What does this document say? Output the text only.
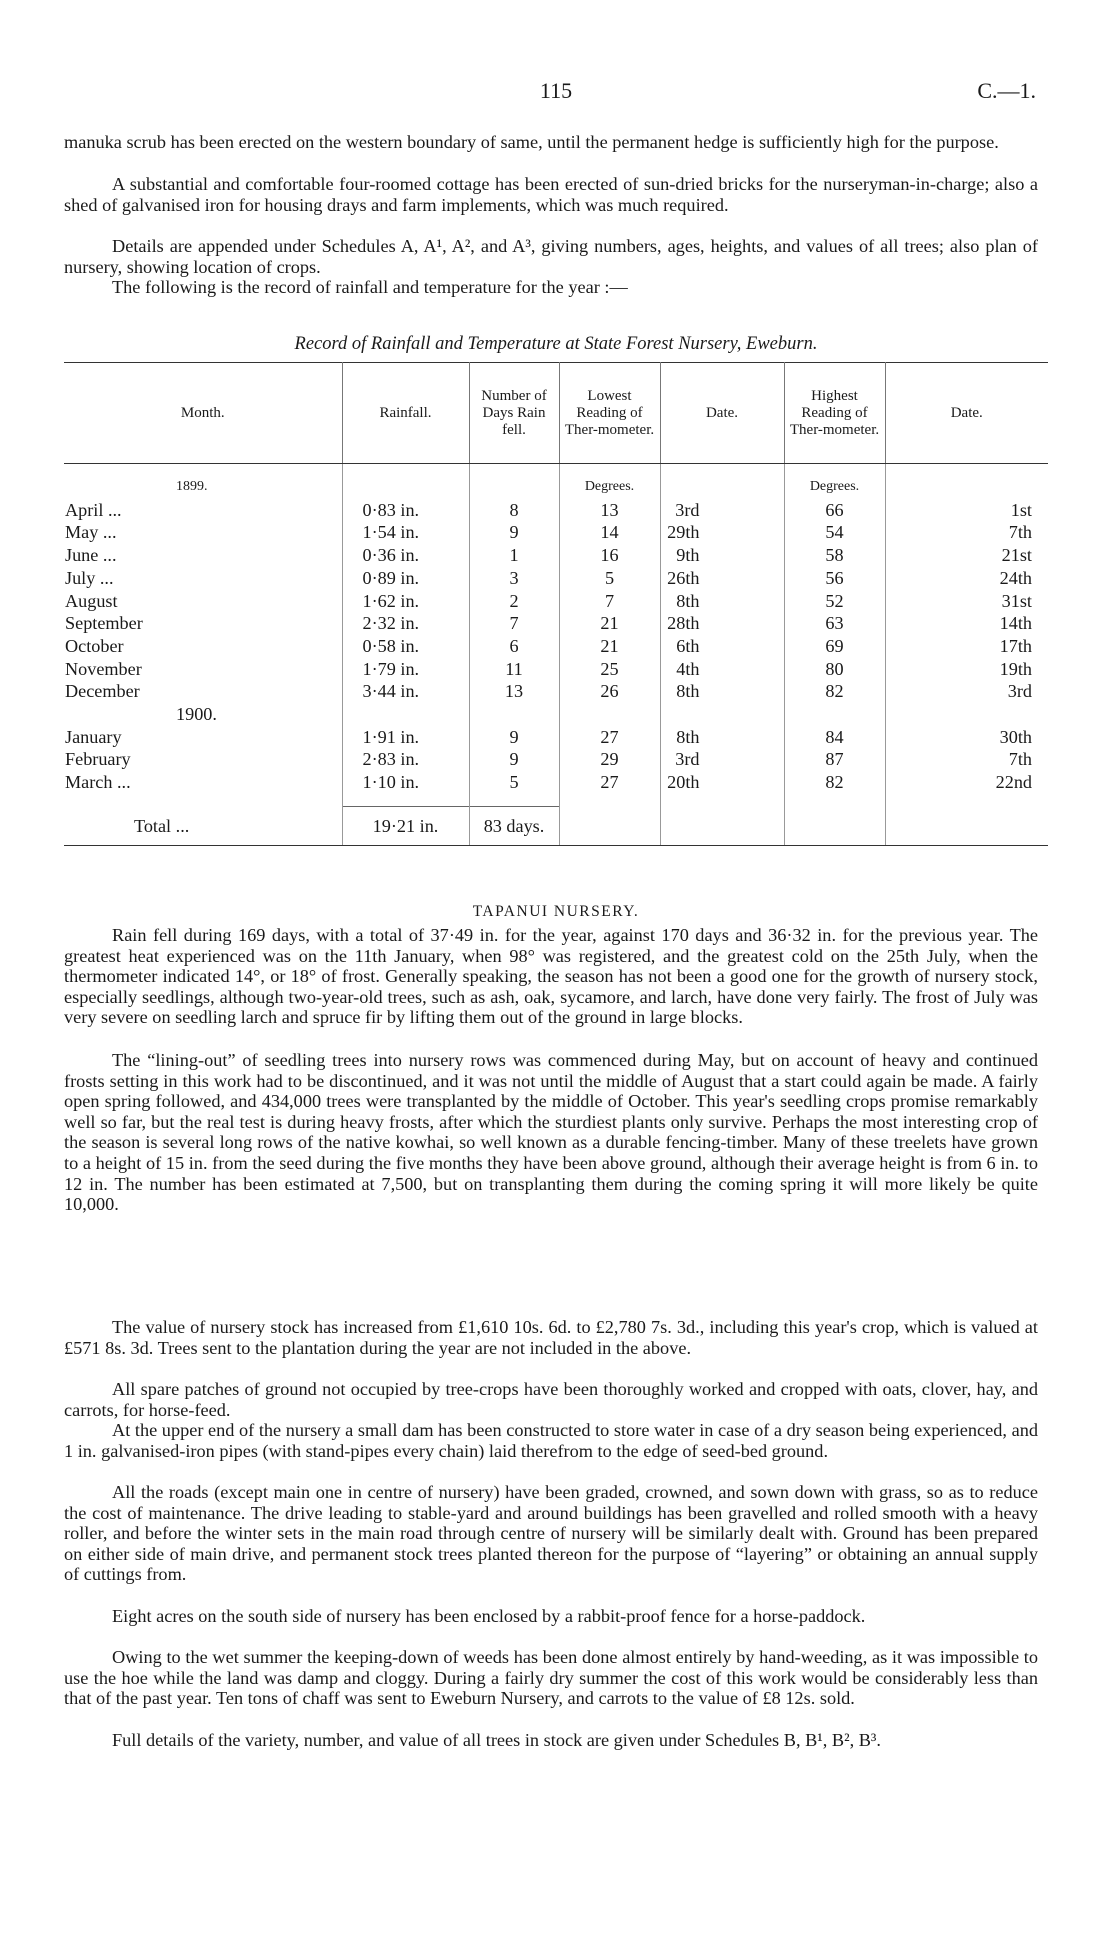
115	C.—1.

manuka scrub has been erected on the western boundary of same, until the permanent hedge is sufficiently high for the purpose.

A substantial and comfortable four-roomed cottage has been erected of sun-dried bricks for the nurseryman-in-charge; also a shed of galvanised iron for housing drays and farm implements, which was much required.

Details are appended under Schedules A, A¹, A², and A³, giving numbers, ages, heights, and values of all trees; also plan of nursery, showing location of crops.

The following is the record of rainfall and temperature for the year :—

Record of Rainfall and Temperature at State Forest Nursery, Eweburn.
Month.	Rainfall.	Number of Days Rain fell.	Lowest Reading of Ther-mometer.	Date.	Highest Reading of Ther-mometer.	Date.

1899.			Degrees.		Degrees.	
April ...	0·83 in.	8	13	3rd	66	1st
May ...	1·54 in.	9	14	29th	54	7th
June ...	0·36 in.	1	16	9th	58	21st
July ...	0·89 in.	3	5	26th	56	24th
August	1·62 in.	2	7	8th	52	31st
September	2·32 in.	7	21	28th	63	14th
October	0·58 in.	6	21	6th	69	17th
November	1·79 in.	11	25	4th	80	19th
December	3·44 in.	13	26	8th	82	3rd
1900.						
January	1·91 in.	9	27	8th	84	30th
February	2·83 in.	9	29	3rd	87	7th
March ...	1·10 in.	5	27	20th	82	22nd

Total ...	19·21 in.	83 days.				
TAPANUI NURSERY.

Rain fell during 169 days, with a total of 37·49 in. for the year, against 170 days and 36·32 in. for the previous year. The greatest heat experienced was on the 11th January, when 98° was registered, and the greatest cold on the 25th July, when the thermometer indicated 14°, or 18° of frost. Generally speaking, the season has not been a good one for the growth of nursery stock, especially seedlings, although two-year-old trees, such as ash, oak, sycamore, and larch, have done very fairly. The frost of July was very severe on seedling larch and spruce fir by lifting them out of the ground in large blocks.

The “lining-out” of seedling trees into nursery rows was commenced during May, but on account of heavy and continued frosts setting in this work had to be discontinued, and it was not until the middle of August that a start could again be made. A fairly open spring followed, and 434,000 trees were transplanted by the middle of October. This year's seedling crops promise remarkably well so far, but the real test is during heavy frosts, after which the sturdiest plants only survive. Perhaps the most interesting crop of the season is several long rows of the native kowhai, so well known as a durable fencing-timber. Many of these treelets have grown to a height of 15 in. from the seed during the five months they have been above ground, although their average height is from 6 in. to 12 in. The number has been estimated at 7,500, but on transplanting them during the coming spring it will more likely be quite 10,000.

The value of nursery stock has increased from £1,610 10s. 6d. to £2,780 7s. 3d., including this year's crop, which is valued at £571 8s. 3d. Trees sent to the plantation during the year are not included in the above.

All spare patches of ground not occupied by tree-crops have been thoroughly worked and cropped with oats, clover, hay, and carrots, for horse-feed.

At the upper end of the nursery a small dam has been constructed to store water in case of a dry season being experienced, and 1 in. galvanised-iron pipes (with stand-pipes every chain) laid therefrom to the edge of seed-bed ground.

All the roads (except main one in centre of nursery) have been graded, crowned, and sown down with grass, so as to reduce the cost of maintenance. The drive leading to stable-yard and around buildings has been gravelled and rolled smooth with a heavy roller, and before the winter sets in the main road through centre of nursery will be similarly dealt with. Ground has been prepared on either side of main drive, and permanent stock trees planted thereon for the purpose of “layering” or obtaining an annual supply of cuttings from.

Eight acres on the south side of nursery has been enclosed by a rabbit-proof fence for a horse-paddock.

Owing to the wet summer the keeping-down of weeds has been done almost entirely by hand-weeding, as it was impossible to use the hoe while the land was damp and cloggy. During a fairly dry summer the cost of this work would be considerably less than that of the past year. Ten tons of chaff was sent to Eweburn Nursery, and carrots to the value of £8 12s. sold.

Full details of the variety, number, and value of all trees in stock are given under Schedules B, B¹, B², B³.
